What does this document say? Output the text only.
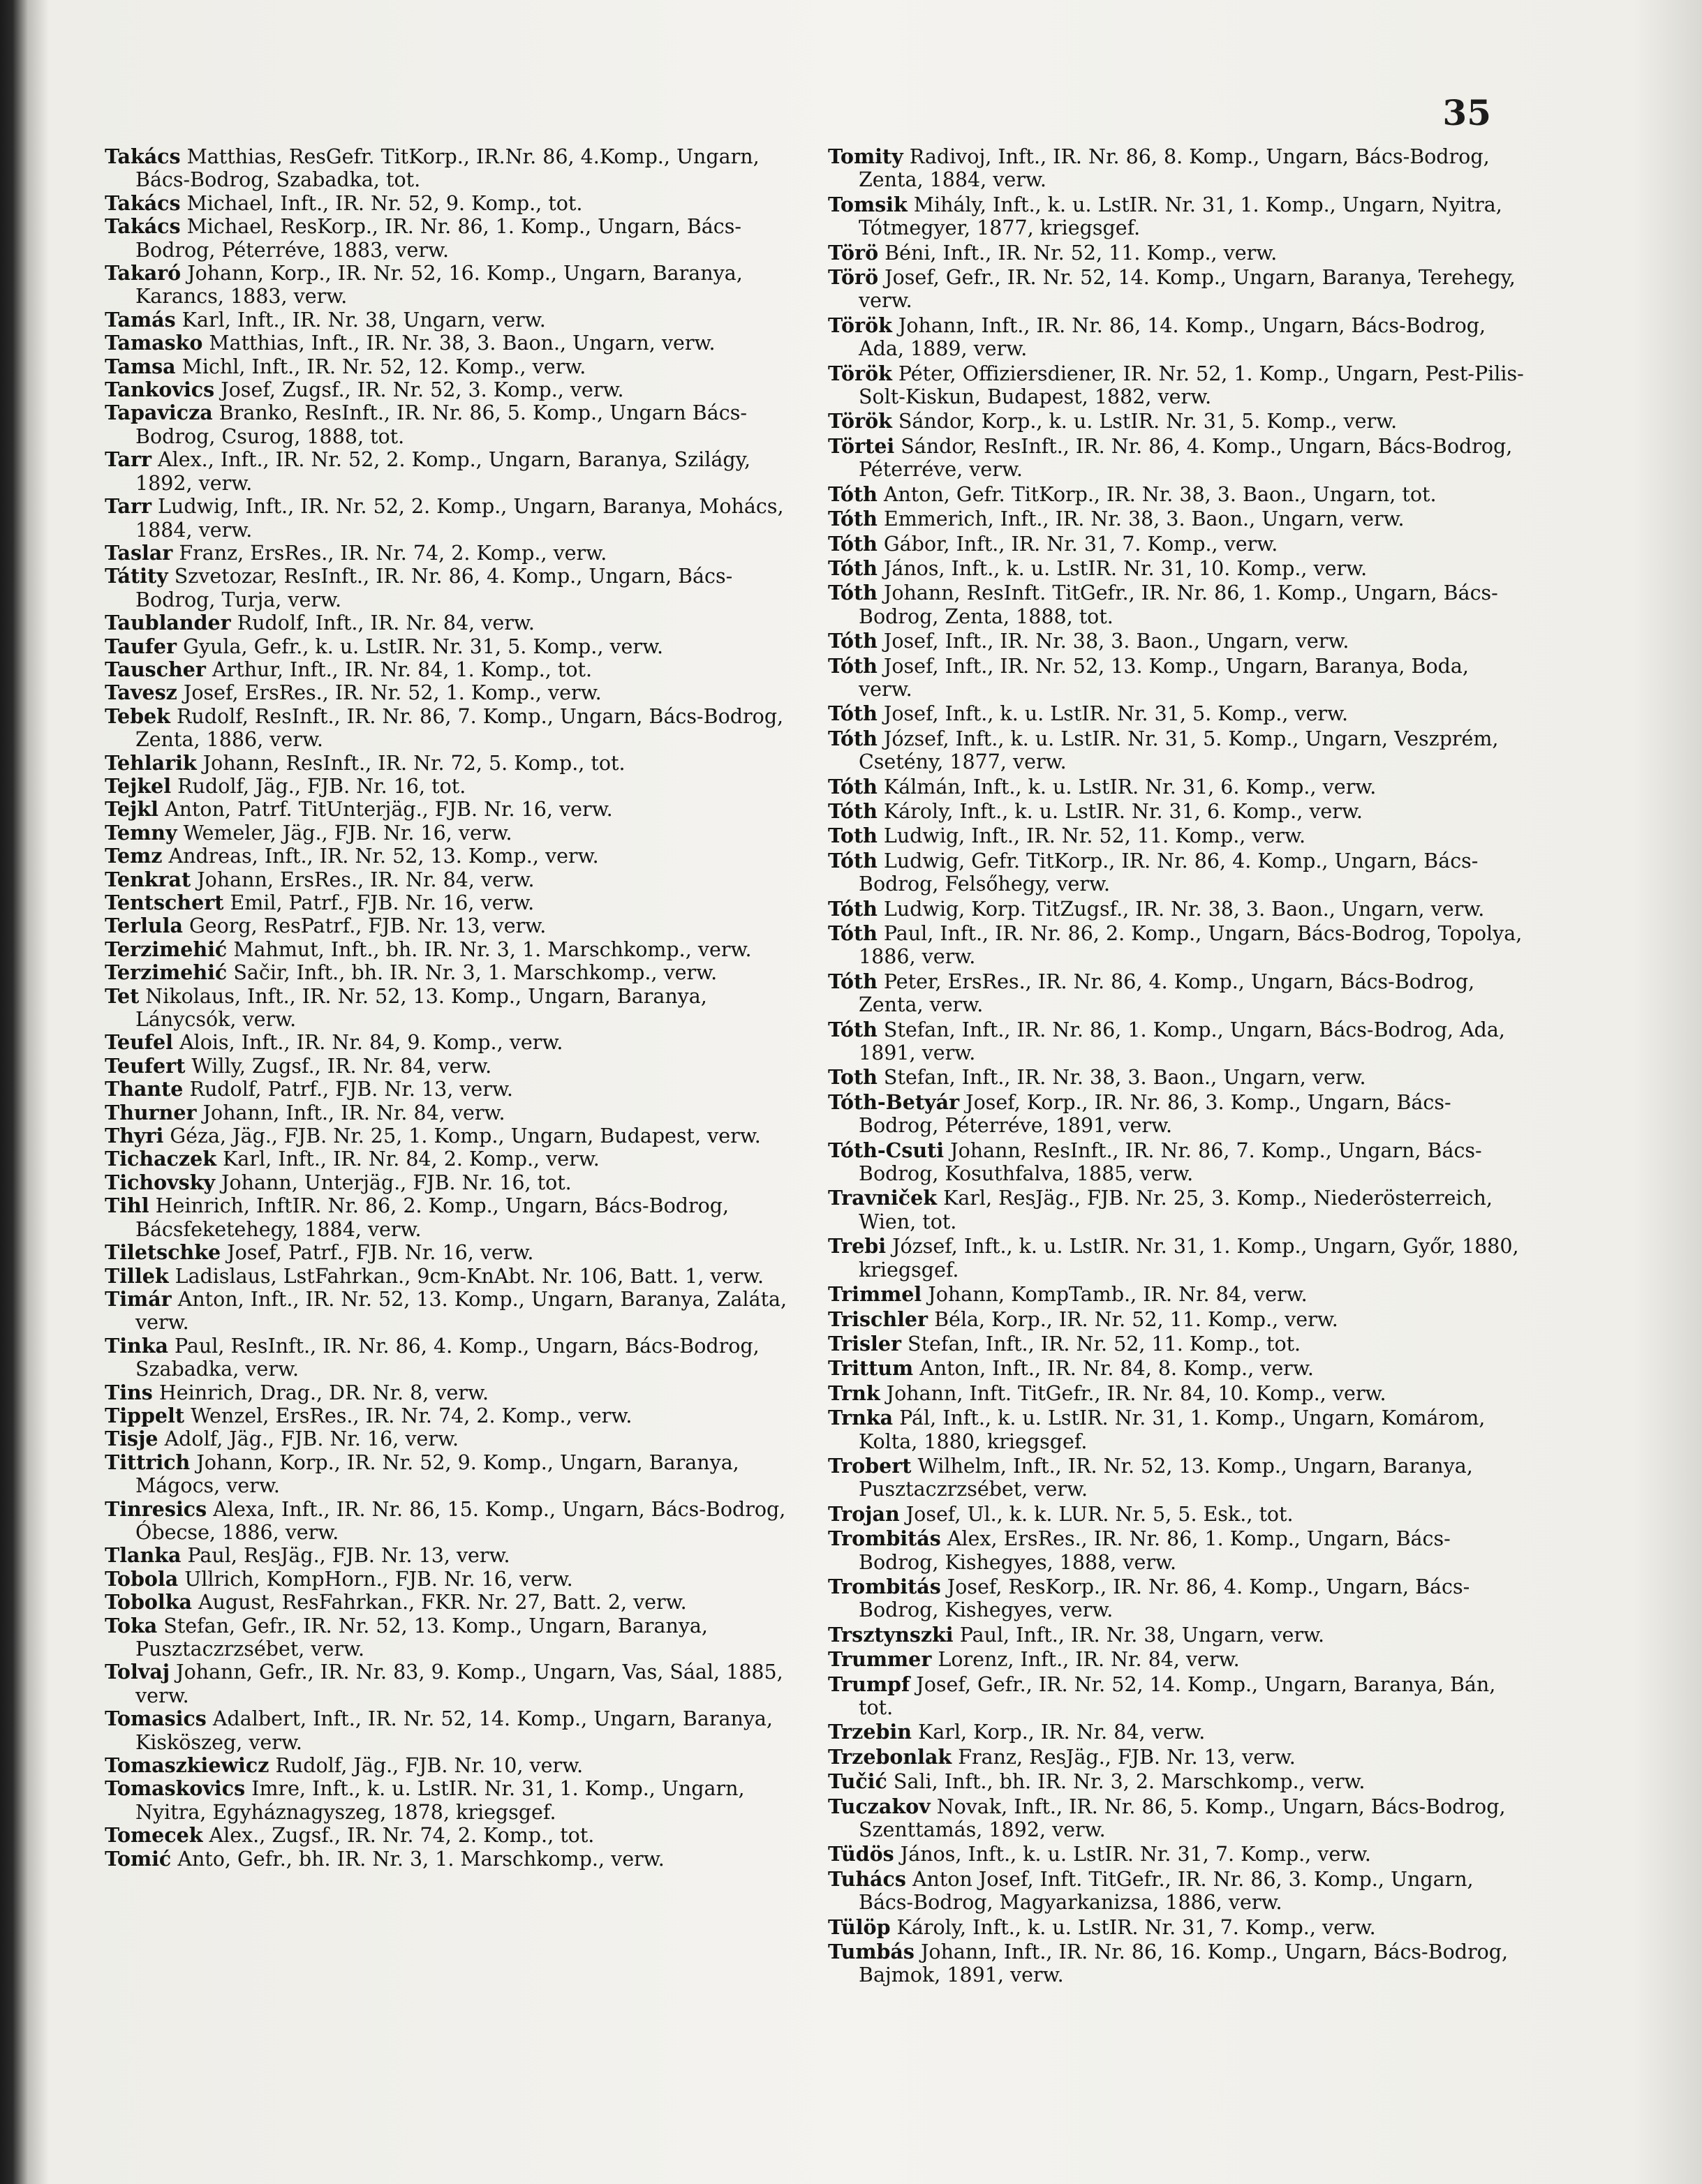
35

Takács Matthias, ResGefr. TitKorp., IR.Nr. 86, 4.Komp., Ungarn, Bács-Bodrog, Szabadka, tot.

Takács Michael, Inft., IR. Nr. 52, 9. Komp., tot.

Takács Michael, ResKorp., IR. Nr. 86, 1. Komp., Ungarn, Bács-Bodrog, Péterréve, 1883, verw.

Takaró Johann, Korp., IR. Nr. 52, 16. Komp., Ungarn, Baranya, Karancs, 1883, verw.

Tamás Karl, Inft., IR. Nr. 38, Ungarn, verw.

Tamasko Matthias, Inft., IR. Nr. 38, 3. Baon., Ungarn, verw.

Tamsa Michl, Inft., IR. Nr. 52, 12. Komp., verw.

Tankovics Josef, Zugsf., IR. Nr. 52, 3. Komp., verw.

Tapavicza Branko, ResInft., IR. Nr. 86, 5. Komp., Ungarn Bács-Bodrog, Csurog, 1888, tot.

Tarr Alex., Inft., IR. Nr. 52, 2. Komp., Ungarn, Baranya, Szilágy, 1892, verw.

Tarr Ludwig, Inft., IR. Nr. 52, 2. Komp., Ungarn, Baranya, Mohács, 1884, verw.

Taslar Franz, ErsRes., IR. Nr. 74, 2. Komp., verw.

Tátity Szvetozar, ResInft., IR. Nr. 86, 4. Komp., Ungarn, Bács-Bodrog, Turja, verw.

Taublander Rudolf, Inft., IR. Nr. 84, verw.

Taufer Gyula, Gefr., k. u. LstIR. Nr. 31, 5. Komp., verw.

Tauscher Arthur, Inft., IR. Nr. 84, 1. Komp., tot.

Tavesz Josef, ErsRes., IR. Nr. 52, 1. Komp., verw.

Tebek Rudolf, ResInft., IR. Nr. 86, 7. Komp., Ungarn, Bács-Bodrog, Zenta, 1886, verw.

Tehlarik Johann, ResInft., IR. Nr. 72, 5. Komp., tot.

Tejkel Rudolf, Jäg., FJB. Nr. 16, tot.

Tejkl Anton, Patrf. TitUnterjäg., FJB. Nr. 16, verw.

Temny Wemeler, Jäg., FJB. Nr. 16, verw.

Temz Andreas, Inft., IR. Nr. 52, 13. Komp., verw.

Tenkrat Johann, ErsRes., IR. Nr. 84, verw.

Tentschert Emil, Patrf., FJB. Nr. 16, verw.

Terlula Georg, ResPatrf., FJB. Nr. 13, verw.

Terzimehić Mahmut, Inft., bh. IR. Nr. 3, 1. Marschkomp., verw.

Terzimehić Sačir, Inft., bh. IR. Nr. 3, 1. Marschkomp., verw.

Tet Nikolaus, Inft., IR. Nr. 52, 13. Komp., Ungarn, Baranya, Lánycsók, verw.

Teufel Alois, Inft., IR. Nr. 84, 9. Komp., verw.

Teufert Willy, Zugsf., IR. Nr. 84, verw.

Thante Rudolf, Patrf., FJB. Nr. 13, verw.

Thurner Johann, Inft., IR. Nr. 84, verw.

Thyri Géza, Jäg., FJB. Nr. 25, 1. Komp., Ungarn, Budapest, verw.

Tichaczek Karl, Inft., IR. Nr. 84, 2. Komp., verw.

Tichovsky Johann, Unterjäg., FJB. Nr. 16, tot.

Tihl Heinrich, InftIR. Nr. 86, 2. Komp., Ungarn, Bács-Bodrog, Bácsfeketehegy, 1884, verw.

Tiletschke Josef, Patrf., FJB. Nr. 16, verw.

Tillek Ladislaus, LstFahrkan., 9cm-KnAbt. Nr. 106, Batt. 1, verw.

Timár Anton, Inft., IR. Nr. 52, 13. Komp., Ungarn, Baranya, Zaláta, verw.

Tinka Paul, ResInft., IR. Nr. 86, 4. Komp., Ungarn, Bács-Bodrog, Szabadka, verw.

Tins Heinrich, Drag., DR. Nr. 8, verw.

Tippelt Wenzel, ErsRes., IR. Nr. 74, 2. Komp., verw.

Tisje Adolf, Jäg., FJB. Nr. 16, verw.

Tittrich Johann, Korp., IR. Nr. 52, 9. Komp., Ungarn, Baranya, Mágocs, verw.

Tinresics Alexa, Inft., IR. Nr. 86, 15. Komp., Ungarn, Bács-Bodrog, Óbecse, 1886, verw.

Tlanka Paul, ResJäg., FJB. Nr. 13, verw.

Tobola Ullrich, KompHorn., FJB. Nr. 16, verw.

Tobolka August, ResFahrkan., FKR. Nr. 27, Batt. 2, verw.

Toka Stefan, Gefr., IR. Nr. 52, 13. Komp., Ungarn, Baranya, Pusztaczrzsébet, verw.

Tolvaj Johann, Gefr., IR. Nr. 83, 9. Komp., Ungarn, Vas, Sáal, 1885, verw.

Tomasics Adalbert, Inft., IR. Nr. 52, 14. Komp., Ungarn, Baranya, Kisköszeg, verw.

Tomaszkiewicz Rudolf, Jäg., FJB. Nr. 10, verw.

Tomaskovics Imre, Inft., k. u. LstIR. Nr. 31, 1. Komp., Ungarn, Nyitra, Egyháznagyszeg, 1878, kriegsgef.

Tomecek Alex., Zugsf., IR. Nr. 74, 2. Komp., tot.

Tomić Anto, Gefr., bh. IR. Nr. 3, 1. Marschkomp., verw.

Tomity Radivoj, Inft., IR. Nr. 86, 8. Komp., Ungarn, Bács-Bodrog, Zenta, 1884, verw.

Tomsik Mihály, Inft., k. u. LstIR. Nr. 31, 1. Komp., Ungarn, Nyitra, Tótmegyer, 1877, kriegsgef.

Törö Béni, Inft., IR. Nr. 52, 11. Komp., verw.

Törö Josef, Gefr., IR. Nr. 52, 14. Komp., Ungarn, Baranya, Terehegy, verw.

Török Johann, Inft., IR. Nr. 86, 14. Komp., Ungarn, Bács-Bodrog, Ada, 1889, verw.

Török Péter, Offiziersdiener, IR. Nr. 52, 1. Komp., Ungarn, Pest-Pilis-Solt-Kiskun, Budapest, 1882, verw.

Török Sándor, Korp., k. u. LstIR. Nr. 31, 5. Komp., verw.

Törtei Sándor, ResInft., IR. Nr. 86, 4. Komp., Ungarn, Bács-Bodrog, Péterréve, verw.

Tóth Anton, Gefr. TitKorp., IR. Nr. 38, 3. Baon., Ungarn, tot.

Tóth Emmerich, Inft., IR. Nr. 38, 3. Baon., Ungarn, verw.

Tóth Gábor, Inft., IR. Nr. 31, 7. Komp., verw.

Tóth János, Inft., k. u. LstIR. Nr. 31, 10. Komp., verw.

Tóth Johann, ResInft. TitGefr., IR. Nr. 86, 1. Komp., Ungarn, Bács-Bodrog, Zenta, 1888, tot.

Tóth Josef, Inft., IR. Nr. 38, 3. Baon., Ungarn, verw.

Tóth Josef, Inft., IR. Nr. 52, 13. Komp., Ungarn, Baranya, Boda, verw.

Tóth Josef, Inft., k. u. LstIR. Nr. 31, 5. Komp., verw.

Tóth József, Inft., k. u. LstIR. Nr. 31, 5. Komp., Ungarn, Veszprém, Csetény, 1877, verw.

Tóth Kálmán, Inft., k. u. LstIR. Nr. 31, 6. Komp., verw.

Tóth Károly, Inft., k. u. LstIR. Nr. 31, 6. Komp., verw.

Toth Ludwig, Inft., IR. Nr. 52, 11. Komp., verw.

Tóth Ludwig, Gefr. TitKorp., IR. Nr. 86, 4. Komp., Ungarn, Bács-Bodrog, Felsőhegy, verw.

Tóth Ludwig, Korp. TitZugsf., IR. Nr. 38, 3. Baon., Ungarn, verw.

Tóth Paul, Inft., IR. Nr. 86, 2. Komp., Ungarn, Bács-Bodrog, Topolya, 1886, verw.

Tóth Peter, ErsRes., IR. Nr. 86, 4. Komp., Ungarn, Bács-Bodrog, Zenta, verw.

Tóth Stefan, Inft., IR. Nr. 86, 1. Komp., Ungarn, Bács-Bodrog, Ada, 1891, verw.

Toth Stefan, Inft., IR. Nr. 38, 3. Baon., Ungarn, verw.

Tóth-Betyár Josef, Korp., IR. Nr. 86, 3. Komp., Ungarn, Bács-Bodrog, Péterréve, 1891, verw.

Tóth-Csuti Johann, ResInft., IR. Nr. 86, 7. Komp., Ungarn, Bács-Bodrog, Kosuthfalva, 1885, verw.

Travniček Karl, ResJäg., FJB. Nr. 25, 3. Komp., Niederösterreich, Wien, tot.

Trebi József, Inft., k. u. LstIR. Nr. 31, 1. Komp., Ungarn, Győr, 1880, kriegsgef.

Trimmel Johann, KompTamb., IR. Nr. 84, verw.

Trischler Béla, Korp., IR. Nr. 52, 11. Komp., verw.

Trisler Stefan, Inft., IR. Nr. 52, 11. Komp., tot.

Trittum Anton, Inft., IR. Nr. 84, 8. Komp., verw.

Trnk Johann, Inft. TitGefr., IR. Nr. 84, 10. Komp., verw.

Trnka Pál, Inft., k. u. LstIR. Nr. 31, 1. Komp., Ungarn, Komárom, Kolta, 1880, kriegsgef.

Trobert Wilhelm, Inft., IR. Nr. 52, 13. Komp., Ungarn, Baranya, Pusztaczrzsébet, verw.

Trojan Josef, Ul., k. k. LUR. Nr. 5, 5. Esk., tot.

Trombitás Alex, ErsRes., IR. Nr. 86, 1. Komp., Ungarn, Bács-Bodrog, Kishegyes, 1888, verw.

Trombitás Josef, ResKorp., IR. Nr. 86, 4. Komp., Ungarn, Bács-Bodrog, Kishegyes, verw.

Trsztynszki Paul, Inft., IR. Nr. 38, Ungarn, verw.

Trummer Lorenz, Inft., IR. Nr. 84, verw.

Trumpf Josef, Gefr., IR. Nr. 52, 14. Komp., Ungarn, Baranya, Bán, tot.

Trzebin Karl, Korp., IR. Nr. 84, verw.

Trzebonlak Franz, ResJäg., FJB. Nr. 13, verw.

Tučić Sali, Inft., bh. IR. Nr. 3, 2. Marschkomp., verw.

Tuczakov Novak, Inft., IR. Nr. 86, 5. Komp., Ungarn, Bács-Bodrog, Szenttamás, 1892, verw.

Tüdös János, Inft., k. u. LstIR. Nr. 31, 7. Komp., verw.

Tuhács Anton Josef, Inft. TitGefr., IR. Nr. 86, 3. Komp., Ungarn, Bács-Bodrog, Magyarkanizsa, 1886, verw.

Tülöp Károly, Inft., k. u. LstIR. Nr. 31, 7. Komp., verw.

Tumbás Johann, Inft., IR. Nr. 86, 16. Komp., Ungarn, Bács-Bodrog, Bajmok, 1891, verw.
